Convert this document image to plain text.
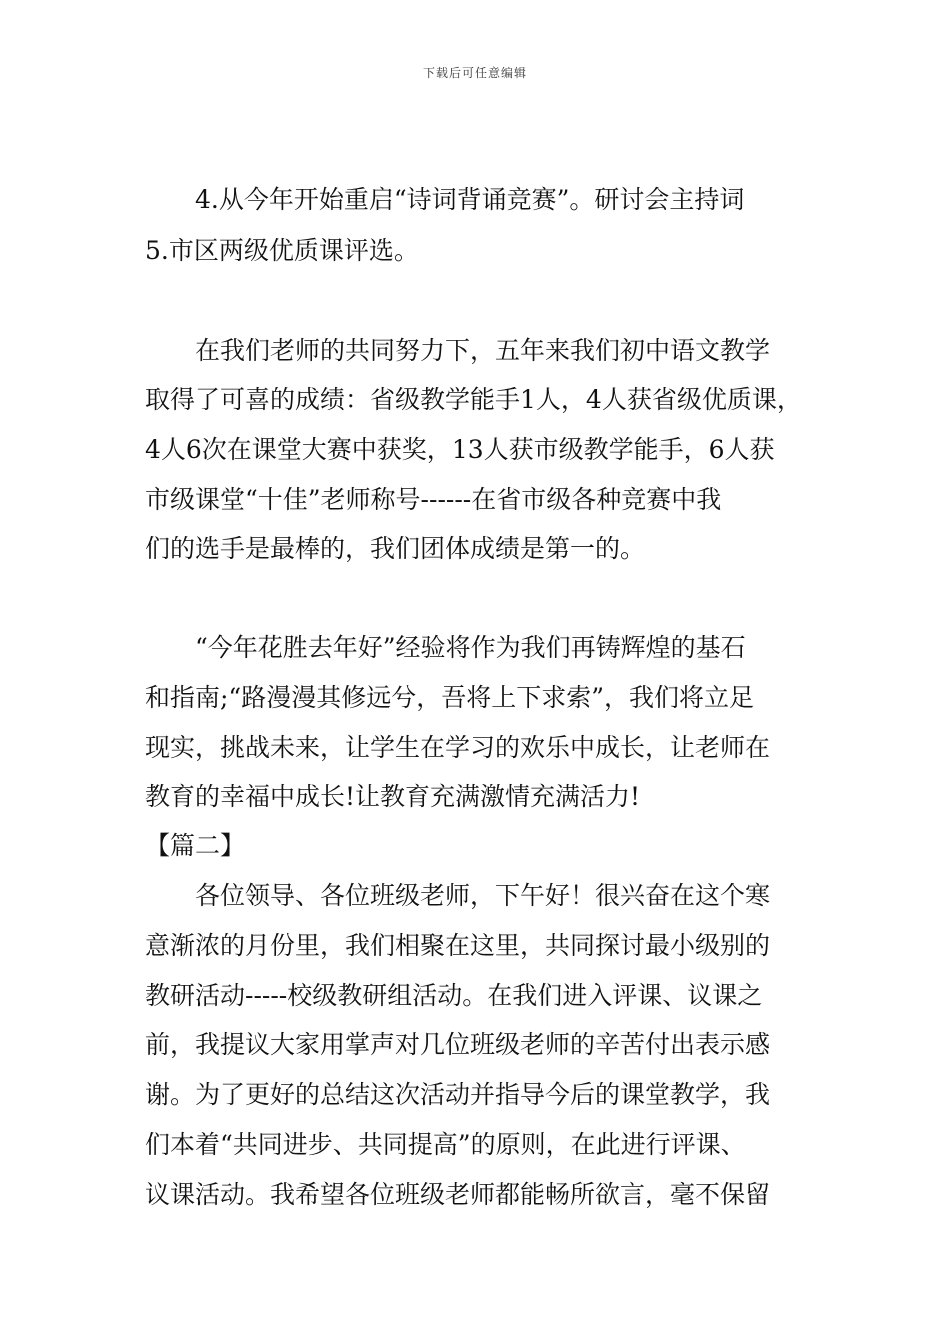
下载后可任意编辑
　　4.从今年开始重启“诗词背诵竞赛”。研讨会主持词
5.市区两级优质课评选。
　　在我们老师的共同努力下，五年来我们初中语文教学
取得了可喜的成绩：省级教学能手1人，4人获省级优质课，
4人6次在课堂大赛中获奖，13人获市级教学能手，6人获
市级课堂“十佳”老师称号------在省市级各种竞赛中我
们的选手是最棒的，我们团体成绩是第一的。
　　“今年花胜去年好”经验将作为我们再铸辉煌的基石
和指南;“路漫漫其修远兮，吾将上下求索”，我们将立足
现实，挑战未来，让学生在学习的欢乐中成长，让老师在
教育的幸福中成长!让教育充满激情充满活力!
【篇二】
　　各位领导、各位班级老师，下午好！很兴奋在这个寒
意渐浓的月份里，我们相聚在这里，共同探讨最小级别的
教研活动-----校级教研组活动。在我们进入评课、议课之
前，我提议大家用掌声对几位班级老师的辛苦付出表示感
谢。为了更好的总结这次活动并指导今后的课堂教学，我
们本着“共同进步、共同提高”的原则，在此进行评课、
议课活动。我希望各位班级老师都能畅所欲言，毫不保留
